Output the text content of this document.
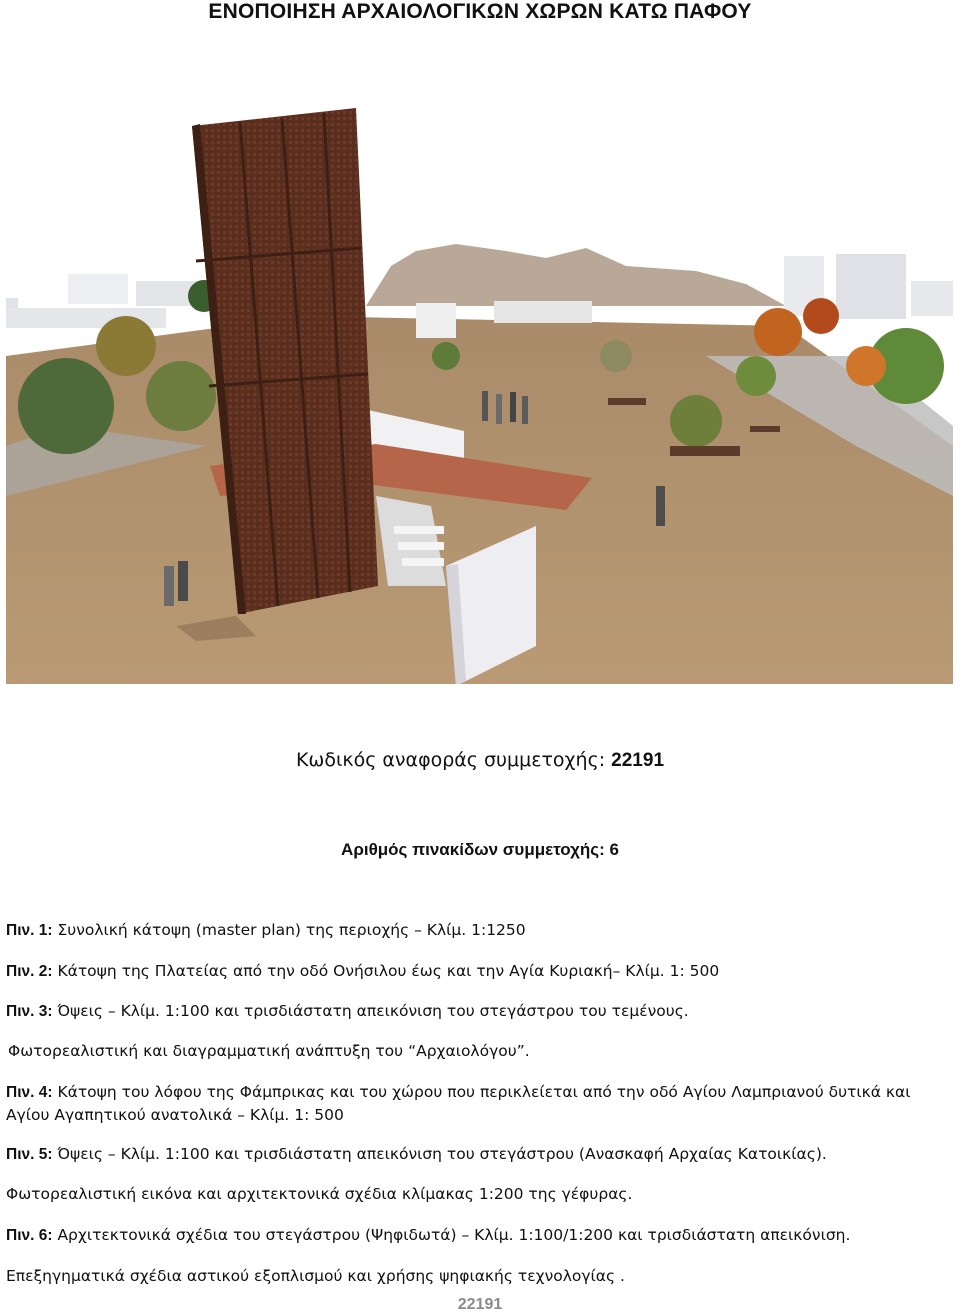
ΕΝΟΠΟΙΗΣΗ ΑΡΧΑΙΟΛΟΓΙΚΩΝ ΧΩΡΩΝ ΚΑΤΩ ΠΑΦΟΥ
Κωδικός αναφοράς συμμετοχής: 22191
Αριθμός πινακίδων συμμετοχής: 6
Πιν. 1: Συνολική κάτοψη (master plan) της περιοχής – Κλίμ. 1:1250
Πιν. 2: Κάτοψη της Πλατείας από την οδό Ονήσιλου έως και την Αγία Κυριακή– Κλίμ. 1: 500
Πιν. 3: Όψεις – Κλίμ. 1:100 και τρισδιάστατη απεικόνιση του στεγάστρου του τεμένους.
Φωτορεαλιστική και διαγραμματική ανάπτυξη του “Αρχαιολόγου”.
Πιν. 4: Κάτοψη του λόφου της Φάμπρικας και του χώρου που περικλείεται από την οδό Αγίου Λαμπριανού δυτικά και Αγίου Αγαπητικού ανατολικά – Κλίμ. 1: 500
Πιν. 5: Όψεις – Κλίμ. 1:100 και τρισδιάστατη απεικόνιση του στεγάστρου (Ανασκαφή Αρχαίας Κατοικίας).
Φωτορεαλιστική εικόνα και αρχιτεκτονικά σχέδια κλίμακας 1:200 της γέφυρας.
Πιν. 6: Αρχιτεκτονικά σχέδια του στεγάστρου (Ψηφιδωτά) – Κλίμ. 1:100/1:200 και τρισδιάστατη απεικόνιση.
Επεξηγηματικά σχέδια αστικού εξοπλισμού και χρήσης ψηφιακής τεχνολογίας .
22191
